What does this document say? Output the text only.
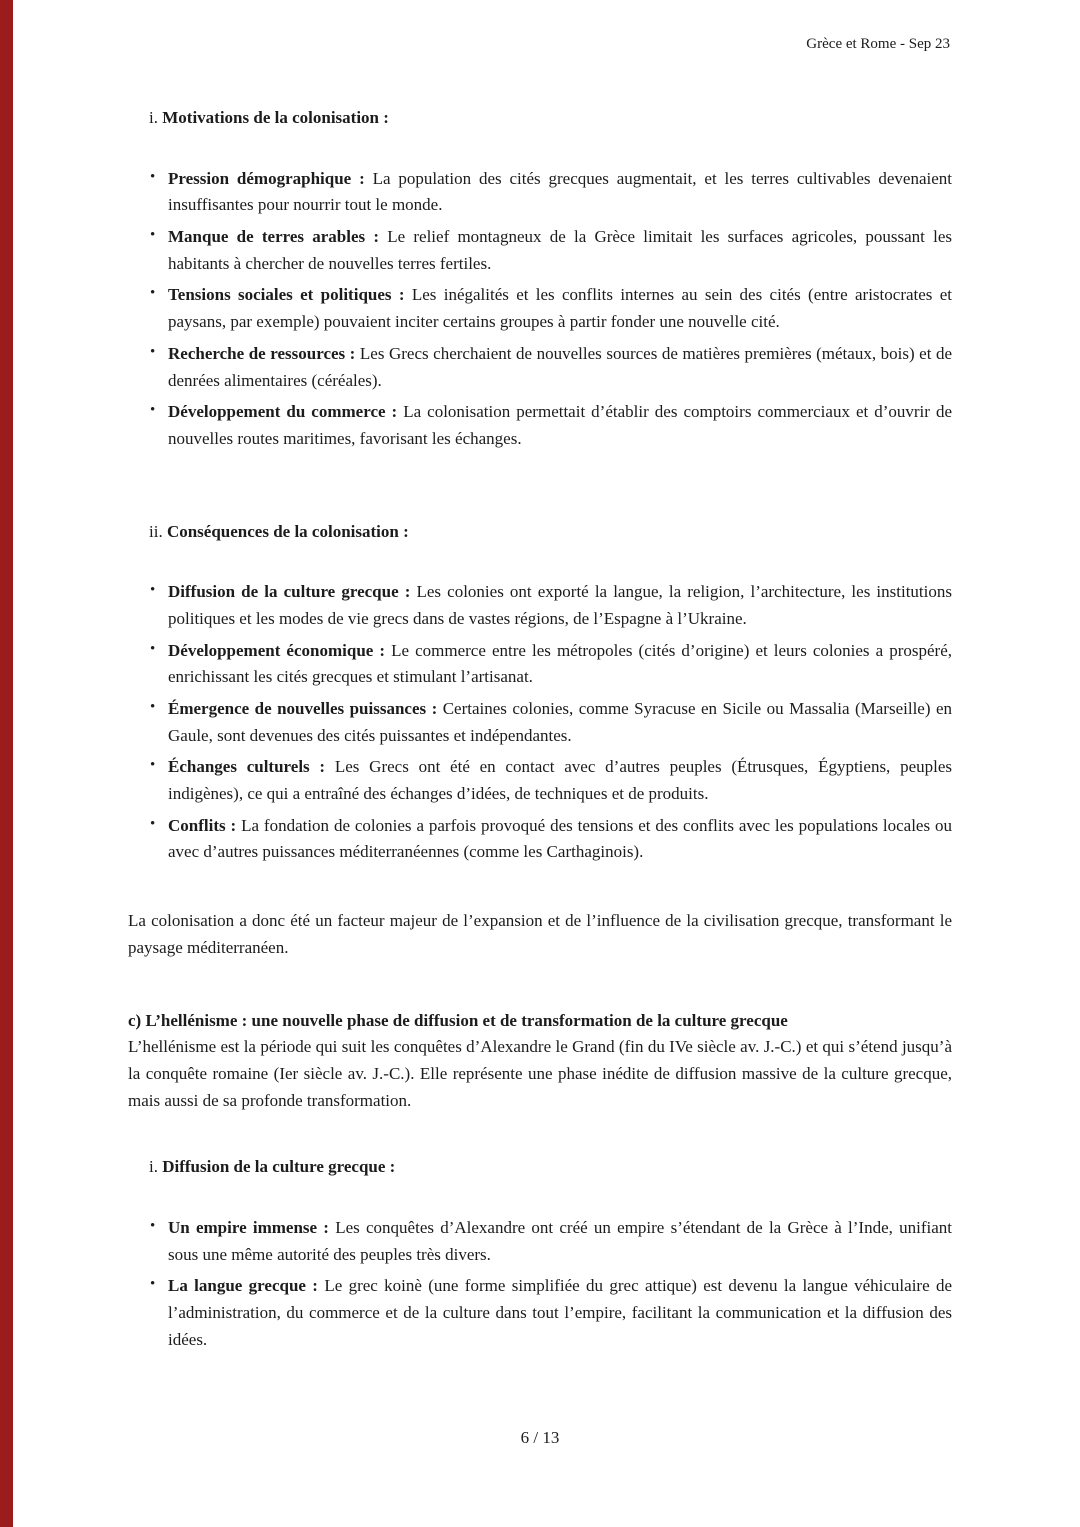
Grèce et Rome - Sep 23
i. Motivations de la colonisation :
• Pression démographique : La population des cités grecques augmentait, et les terres cultivables devenaient insuffisantes pour nourrir tout le monde.
• Manque de terres arables : Le relief montagneux de la Grèce limitait les surfaces agricoles, poussant les habitants à chercher de nouvelles terres fertiles.
• Tensions sociales et politiques : Les inégalités et les conflits internes au sein des cités (entre aristocrates et paysans, par exemple) pouvaient inciter certains groupes à partir fonder une nouvelle cité.
• Recherche de ressources : Les Grecs cherchaient de nouvelles sources de matières premières (métaux, bois) et de denrées alimentaires (céréales).
• Développement du commerce : La colonisation permettait d’établir des comptoirs commerciaux et d’ouvrir de nouvelles routes maritimes, favorisant les échanges.
ii. Conséquences de la colonisation :
• Diffusion de la culture grecque : Les colonies ont exporté la langue, la religion, l’architecture, les institutions politiques et les modes de vie grecs dans de vastes régions, de l’Espagne à l’Ukraine.
• Développement économique : Le commerce entre les métropoles (cités d’origine) et leurs colonies a prospéré, enrichissant les cités grecques et stimulant l’artisanat.
• Émergence de nouvelles puissances : Certaines colonies, comme Syracuse en Sicile ou Massalia (Marseille) en Gaule, sont devenues des cités puissantes et indépendantes.
• Échanges culturels : Les Grecs ont été en contact avec d’autres peuples (Étrusques, Égyptiens, peuples indigènes), ce qui a entraîné des échanges d’idées, de techniques et de produits.
• Conflits : La fondation de colonies a parfois provoqué des tensions et des conflits avec les populations locales ou avec d’autres puissances méditerranéennes (comme les Carthaginois).

La colonisation a donc été un facteur majeur de l’expansion et de l’influence de la civilisation grecque, transformant le paysage méditerranéen.

c) L’hellénisme : une nouvelle phase de diffusion et de transformation de la culture grecque

L’hellénisme est la période qui suit les conquêtes d’Alexandre le Grand (fin du IVe siècle av. J.-C.) et qui s’étend jusqu’à la conquête romaine (Ier siècle av. J.-C.). Elle représente une phase inédite de diffusion massive de la culture grecque, mais aussi de sa profonde transformation.

i. Diffusion de la culture grecque :
• Un empire immense : Les conquêtes d’Alexandre ont créé un empire s’étendant de la Grèce à l’Inde, unifiant sous une même autorité des peuples très divers.
• La langue grecque : Le grec koinè (une forme simplifiée du grec attique) est devenu la langue véhiculaire de l’administration, du commerce et de la culture dans tout l’empire, facilitant la communication et la diffusion des idées.
6 / 13
